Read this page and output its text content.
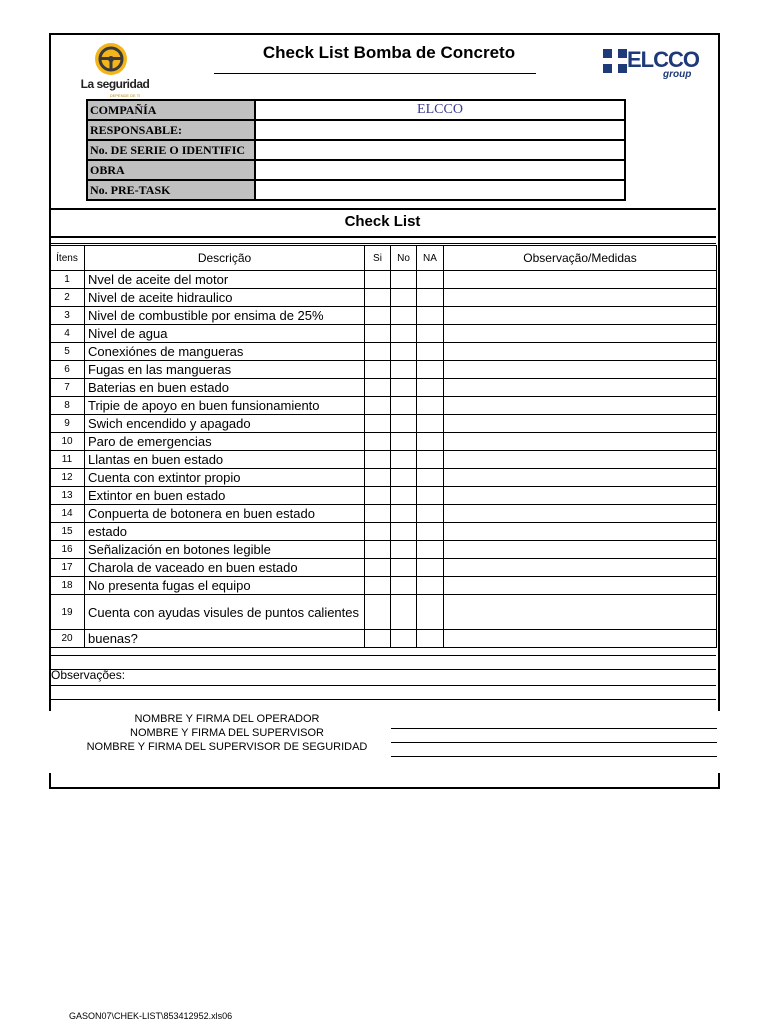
La seguridad
DEPENDE DE TI
Check List Bomba de Concreto	ELCCO
group
COMPAÑÍA	ELCCO
RESPONSABLE:	
No. DE SERIE O IDENTIFIC	
OBRA	
No. PRE-TASK	
Check List
Ítens	Descrição	Si	No	NA	Observação/Medidas
1	Nvel de aceite del motor				
2	Nivel de aceite hidraulico				
3	Nivel de combustible por ensima de 25%				
4	Nivel de agua				
5	Conexiónes de mangueras				
6	Fugas en las mangueras				
7	Baterias en buen estado				
8	Tripie de apoyo en buen funsionamiento				
9	Swich encendido y apagado				
10	Paro de emergencias				
11	Llantas en buen estado				
12	Cuenta con extintor propio				
13	Extintor en buen estado				
14	Conpuerta de botonera en buen estado				
15	estado				
16	Señalización en botones legible				
17	Charola de vaceado en buen estado				
18	No presenta fugas el equipo				
19	Cuenta con ayudas visules de puntos calientes				
20	buenas?				
Observações:
NOMBRE Y FIRMA DEL OPERADOR
NOMBRE Y FIRMA DEL SUPERVISOR
NOMBRE Y FIRMA DEL SUPERVISOR DE SEGURIDAD
GASON07\CHEK-LIST\853412952.xls06
